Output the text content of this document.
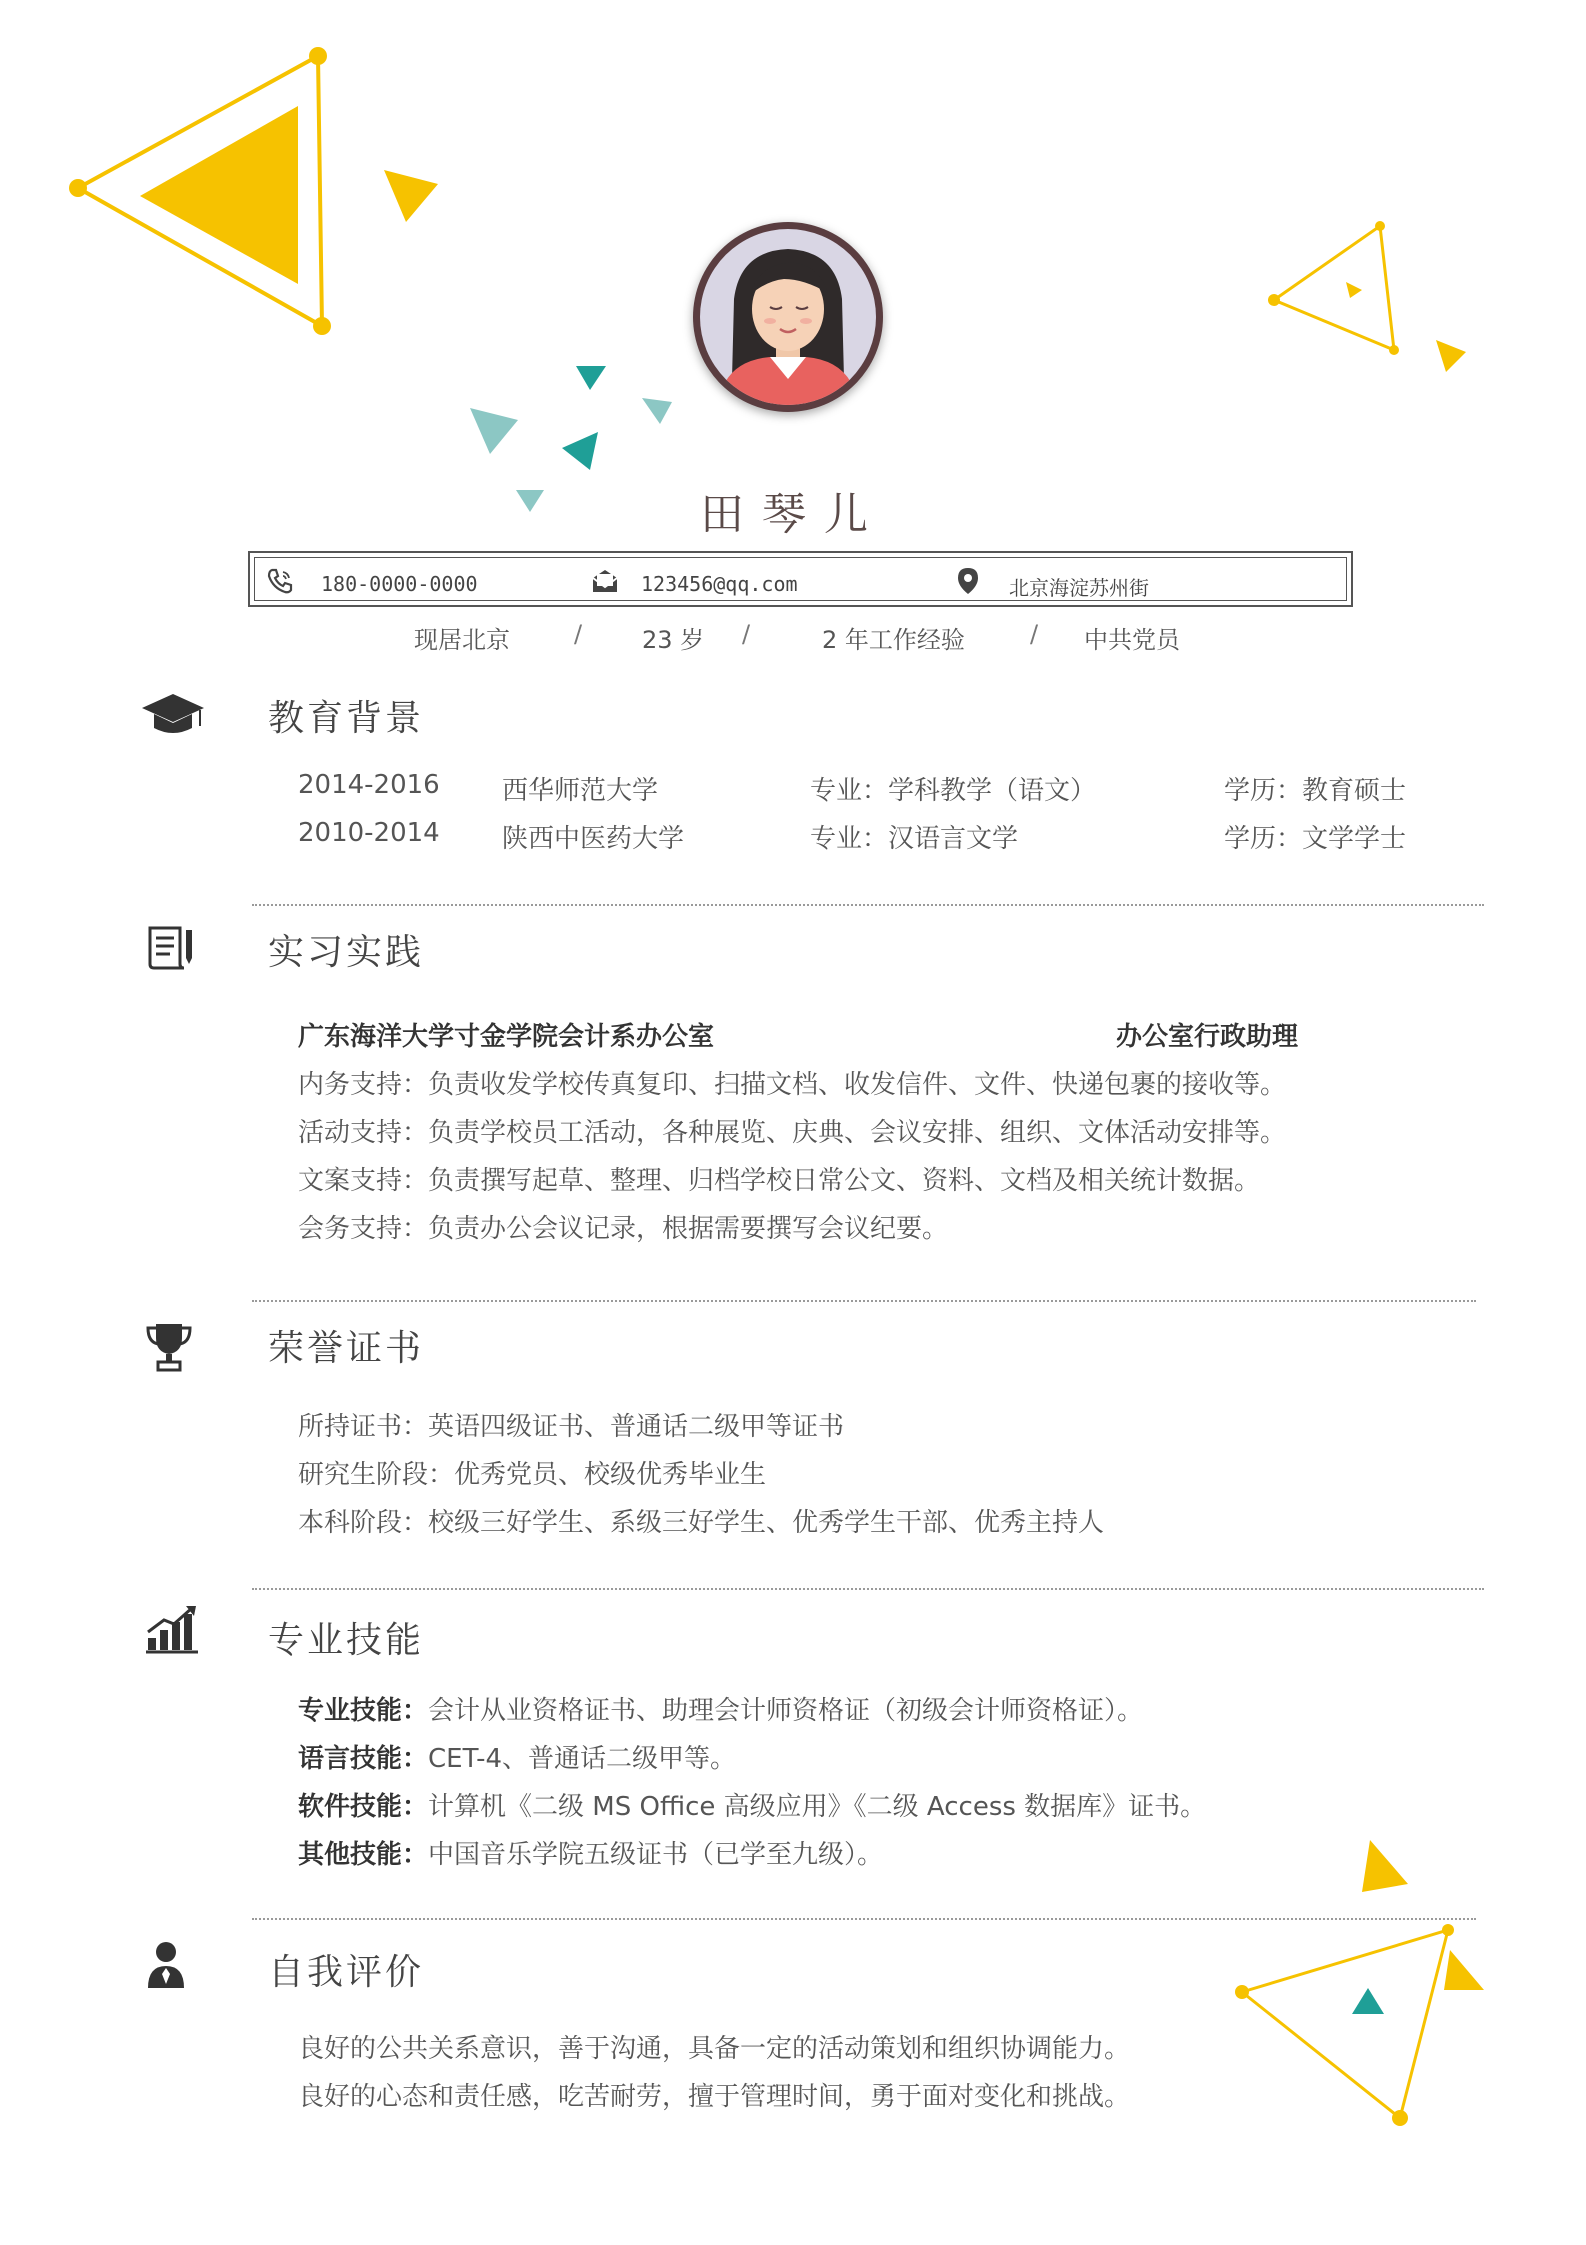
田琴儿
180-0000-0000	123456@qq.com	北京海淀苏州街
现居北京	/ 23 岁 /	2 年工作经验	/ 中共党员
教育背景
2014-2016 西华师范大学	专业：学科教学（语文）	学历：教育硕士
2010-2014 陕西中医药大学	专业：汉语言文学	学历：文学学士
实习实践
广东海洋大学寸金学院会计系办公室	办公室行政助理
内务支持：负责收发学校传真复印、扫描文档、收发信件、文件、快递包裹的接收等。
活动支持：负责学校员工活动，各种展览、庆典、会议安排、组织、文体活动安排等。
文案支持：负责撰写起草、整理、归档学校日常公文、资料、文档及相关统计数据。
会务支持：负责办公会议记录，根据需要撰写会议纪要。
荣誉证书
所持证书：英语四级证书、普通话二级甲等证书
研究生阶段：优秀党员、校级优秀毕业生
本科阶段：校级三好学生、系级三好学生、优秀学生干部、优秀主持人
专业技能
专业技能：会计从业资格证书、助理会计师资格证（初级会计师资格证）。
语言技能：CET-4、普通话二级甲等。
软件技能：计算机《二级 MS Office 高级应用》《二级 Access 数据库》证书。
其他技能：中国音乐学院五级证书（已学至九级）。
自我评价
良好的公共关系意识，善于沟通，具备一定的活动策划和组织协调能力。
良好的心态和责任感，吃苦耐劳，擅于管理时间，勇于面对变化和挑战。
